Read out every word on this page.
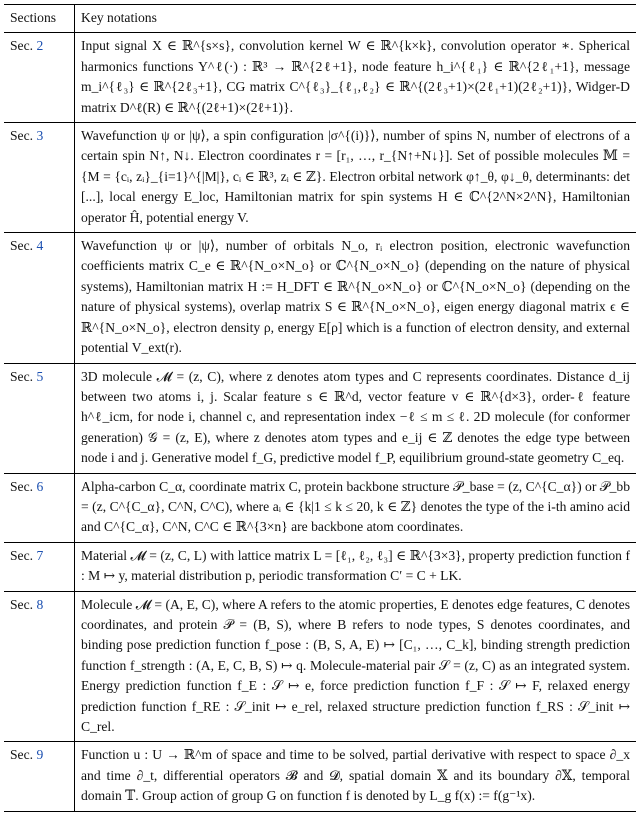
Sections	Key notations
Sec. 2	Input signal X ∈ ℝ^{s×s}, convolution kernel W ∈ ℝ^{k×k}, convolution operator ∗. Spherical harmonics functions Y^ℓ(·) : ℝ³ → ℝ^{2ℓ+1}, node feature h_i^{ℓ₁} ∈ ℝ^{2ℓ₁+1}, message m_i^{ℓ₃} ∈ ℝ^{2ℓ₃+1}, CG matrix C^{ℓ₃}_{ℓ₁,ℓ₂} ∈ ℝ^{(2ℓ₃+1)×(2ℓ₁+1)(2ℓ₂+1)}, Widger-D matrix D^ℓ(R) ∈ ℝ^{(2ℓ+1)×(2ℓ+1)}.
Sec. 3	Wavefunction ψ or |ψ⟩, a spin configuration |σ^{(i)}⟩, number of spins N, number of electrons of a certain spin N↑, N↓. Electron coordinates r = [r₁, …, r_{N↑+N↓}]. Set of possible molecules 𝕄 = {M = {cᵢ, zᵢ}_{i=1}^{|M|}, cᵢ ∈ ℝ³, zᵢ ∈ ℤ}. Electron orbital network φ↑_θ, φ↓_θ, determinants: det [...], local energy E_loc, Hamiltonian matrix for spin systems H ∈ ℂ^{2^N×2^N}, Hamiltonian operator Ĥ, potential energy V.
Sec. 4	Wavefunction ψ or |ψ⟩, number of orbitals N_o, rᵢ electron position, electronic wavefunction coefficients matrix C_e ∈ ℝ^{N_o×N_o} or ℂ^{N_o×N_o} (depending on the nature of physical systems), Hamiltonian matrix H := H_DFT ∈ ℝ^{N_o×N_o} or ℂ^{N_o×N_o} (depending on the nature of physical systems), overlap matrix S ∈ ℝ^{N_o×N_o}, eigen energy diagonal matrix ϵ ∈ ℝ^{N_o×N_o}, electron density ρ, energy E[ρ] which is a function of electron density, and external potential V_ext(r).
Sec. 5	3D molecule 𝓜 = (z, C), where z denotes atom types and C represents coordinates. Distance d_ij between two atoms i, j. Scalar feature s ∈ ℝ^d, vector feature v ∈ ℝ^{d×3}, order-ℓ feature h^ℓ_icm, for node i, channel c, and representation index −ℓ ≤ m ≤ ℓ. 2D molecule (for conformer generation) 𝒢 = (z, E), where z denotes atom types and e_ij ∈ ℤ denotes the edge type between node i and j. Generative model f_G, predictive model f_P, equilibrium ground-state geometry C_eq.
Sec. 6	Alpha-carbon C_α, coordinate matrix C, protein backbone structure 𝒫_base = (z, C^{C_α}) or 𝒫_bb = (z, C^{C_α}, C^N, C^C), where aᵢ ∈ {k|1 ≤ k ≤ 20, k ∈ ℤ} denotes the type of the i-th amino acid and C^{C_α}, C^N, C^C ∈ ℝ^{3×n} are backbone atom coordinates.
Sec. 7	Material 𝓜 = (z, C, L) with lattice matrix L = [ℓ₁, ℓ₂, ℓ₃] ∈ ℝ^{3×3}, property prediction function f : M ↦ y, material distribution p, periodic transformation C′ = C + LK.
Sec. 8	Molecule 𝓜 = (A, E, C), where A refers to the atomic properties, E denotes edge features, C denotes coordinates, and protein 𝒫 = (B, S), where B refers to node types, S denotes coordinates, and binding pose prediction function f_pose : (B, S, A, E) ↦ [C₁, …, C_k], binding strength prediction function f_strength : (A, E, C, B, S) ↦ q. Molecule-material pair 𝒮 = (z, C) as an integrated system. Energy prediction function f_E : 𝒮 ↦ e, force prediction function f_F : 𝒮 ↦ F, relaxed energy prediction function f_RE : 𝒮_init ↦ e_rel, relaxed structure prediction function f_RS : 𝒮_init ↦ C_rel.
Sec. 9	Function u : U → ℝ^m of space and time to be solved, partial derivative with respect to space ∂_x and time ∂_t, differential operators 𝓑 and 𝓓, spatial domain 𝕏 and its boundary ∂𝕏, temporal domain 𝕋. Group action of group G on function f is denoted by L_g f(x) := f(g⁻¹x).
